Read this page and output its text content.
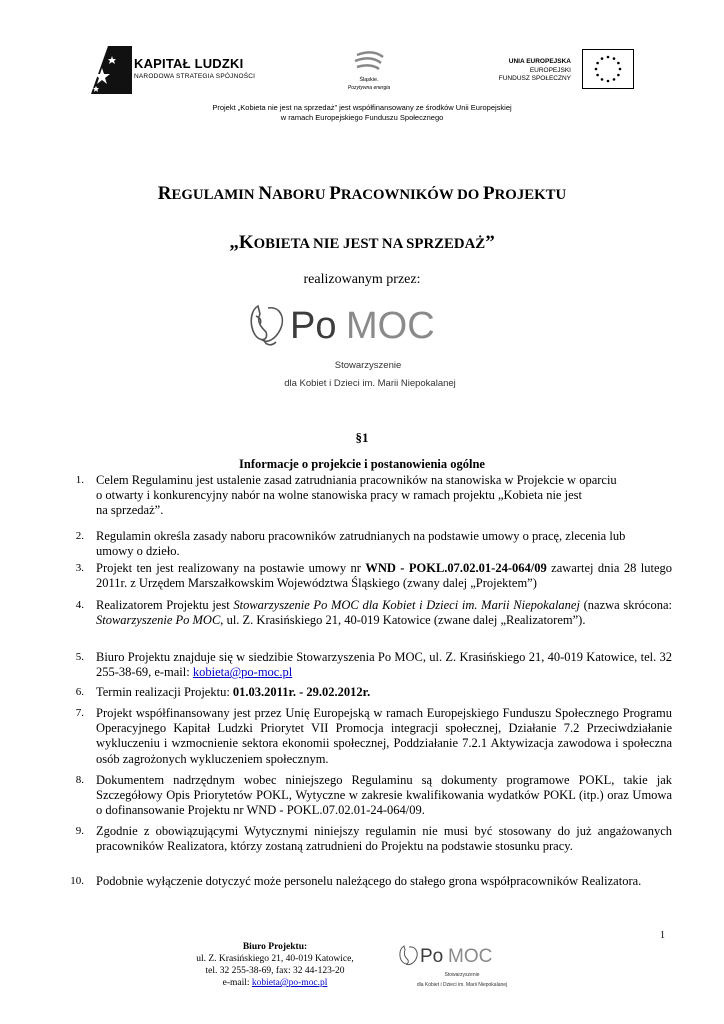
KAPITAŁ LUDZKI
NARODOWA STRATEGIA SPÓJNOŚCI	Śląskie.
Pozytywna energia
UNIA EUROPEJSKA
EUROPEJSKI
FUNDUSZ SPOŁECZNY
Projekt „Kobieta nie jest na sprzedaż” jest współfinansowany ze środków Unii Europejskiej
w ramach Europejskiego Funduszu Społecznego
REGULAMIN NABORU PRACOWNIKÓW DO PROJEKTU
„KOBIETA NIE JEST NA SPRZEDAŻ”
realizowanym przez:
Po MOC
Stowarzyszenie
dla Kobiet i Dzieci im. Marii Niepokalanej
§1
Informacje o projekcie i postanowienia ogólne
1. Celem Regulaminu jest ustalenie zasad zatrudniania pracowników na stanowiska w Projekcie w oparciu
o otwarty i konkurencyjny nabór na wolne stanowiska pracy w ramach projektu „Kobieta nie jest
na sprzedaż”.
2. Regulamin określa zasady naboru pracowników zatrudnianych na podstawie umowy o pracę, zlecenia lub
umowy o dzieło.
3. Projekt ten jest realizowany na postawie umowy nr WND - POKL.07.02.01-24-064/09 zawartej dnia 28 lutego 2011r. z Urzędem Marszałkowskim Województwa Śląskiego (zwany dalej „Projektem”)
4. Realizatorem Projektu jest Stowarzyszenie Po MOC dla Kobiet i Dzieci im. Marii Niepokalanej (nazwa skrócona: Stowarzyszenie Po MOC, ul. Z. Krasińskiego 21, 40-019 Katowice (zwane dalej „Realizatorem”).
5. Biuro Projektu znajduje się w siedzibie Stowarzyszenia Po MOC, ul. Z. Krasińskiego 21, 40-019 Katowice, tel. 32 255-38-69, e-mail: kobieta@po-moc.pl
6. Termin realizacji Projektu: 01.03.2011r. - 29.02.2012r.
7. Projekt współfinansowany jest przez Unię Europejską w ramach Europejskiego Funduszu Społecznego Programu Operacyjnego Kapitał Ludzki Priorytet VII Promocja integracji społecznej, Działanie 7.2 Przeciwdziałanie wykluczeniu i wzmocnienie sektora ekonomii społecznej, Poddziałanie 7.2.1 Aktywizacja zawodowa i społeczna osób zagrożonych wykluczeniem społecznym.
8. Dokumentem nadrzędnym wobec niniejszego Regulaminu są dokumenty programowe POKL, takie jak Szczegółowy Opis Priorytetów POKL, Wytyczne w zakresie kwalifikowania wydatków POKL (itp.) oraz Umowa o dofinansowanie Projektu nr WND - POKL.07.02.01-24-064/09.
9. Zgodnie z obowiązującymi Wytycznymi niniejszy regulamin nie musi być stosowany do już angażowanych pracowników Realizatora, którzy zostaną zatrudnieni do Projektu na podstawie stosunku pracy.
10. Podobnie wyłączenie dotyczyć może personelu należącego do stałego grona współpracowników Realizatora.
1
Biuro Projektu:
ul. Z. Krasińskiego 21, 40-019 Katowice,
tel. 32 255-38-69, fax: 32 44-123-20
e-mail: kobieta@po-moc.pl
Po MOC
Stowarzyszenie
dla Kobiet i Dzieci im. Marii Niepokalanej
